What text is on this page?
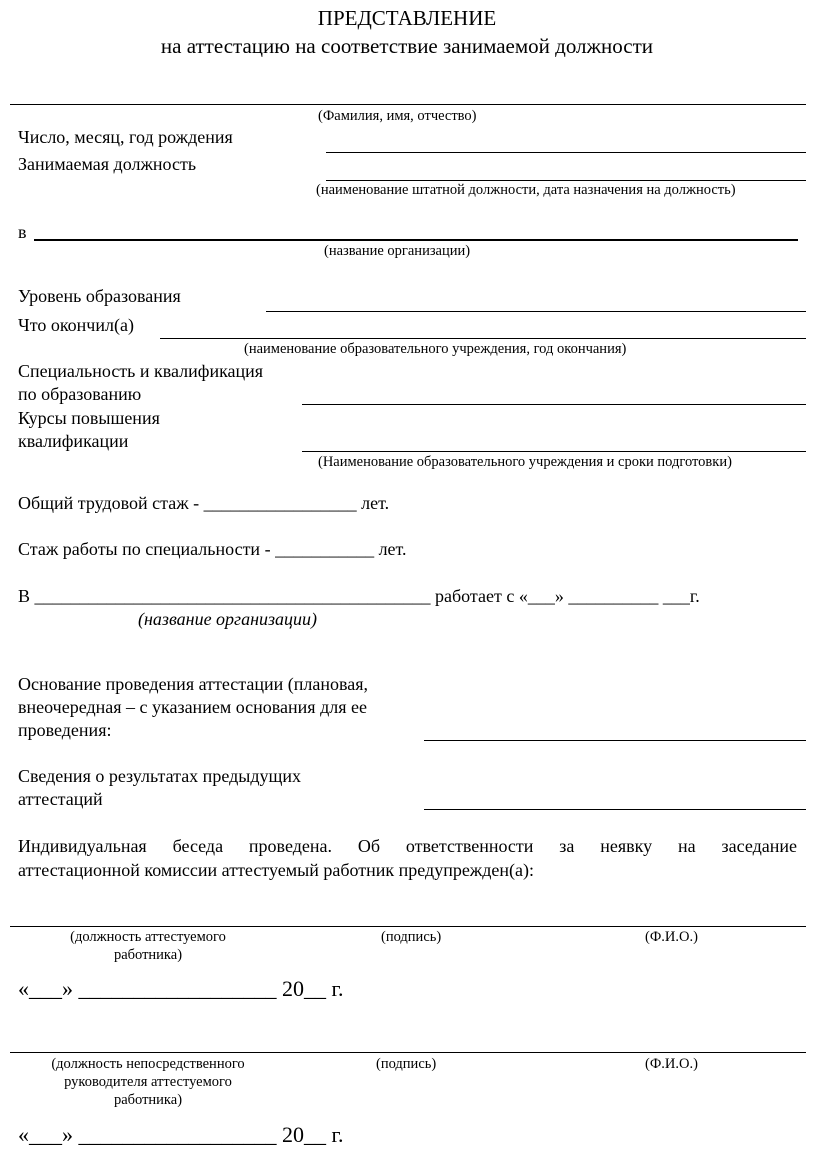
ПРЕДСТАВЛЕНИЕ
на аттестацию на соответствие занимаемой должности
(Фамилия, имя, отчество)
Число, месяц, год рождения
Занимаемая должность
(наименование штатной должности, дата назначения на должность)
в
(название организации)
Уровень образования
Что окончил(а)
(наименование образовательного учреждения, год окончания)
Специальность и квалификация
по образованию
Курсы повышения
квалификации
(Наименование образовательного учреждения и сроки подготовки)
Общий трудовой стаж - _________________ лет.
Стаж работы по специальности - ___________ лет.
В ____________________________________________ работает с «___» __________ ___г.
(название организации)
Основание проведения аттестации (плановая,
внеочередная – с указанием основания для ее
проведения:
Сведения о результатах предыдущих
аттестаций
Индивидуальная беседа проведена. Об ответственности за неявку на заседание
аттестационной комиссии аттестуемый работник предупрежден(а):
(должность аттестуемого
работника)
(подпись)	(Ф.И.О.)
«___» __________________ 20__ г.
(должность непосредственного
руководителя аттестуемого
работника)
(подпись)	(Ф.И.О.)
«___» __________________ 20__ г.
